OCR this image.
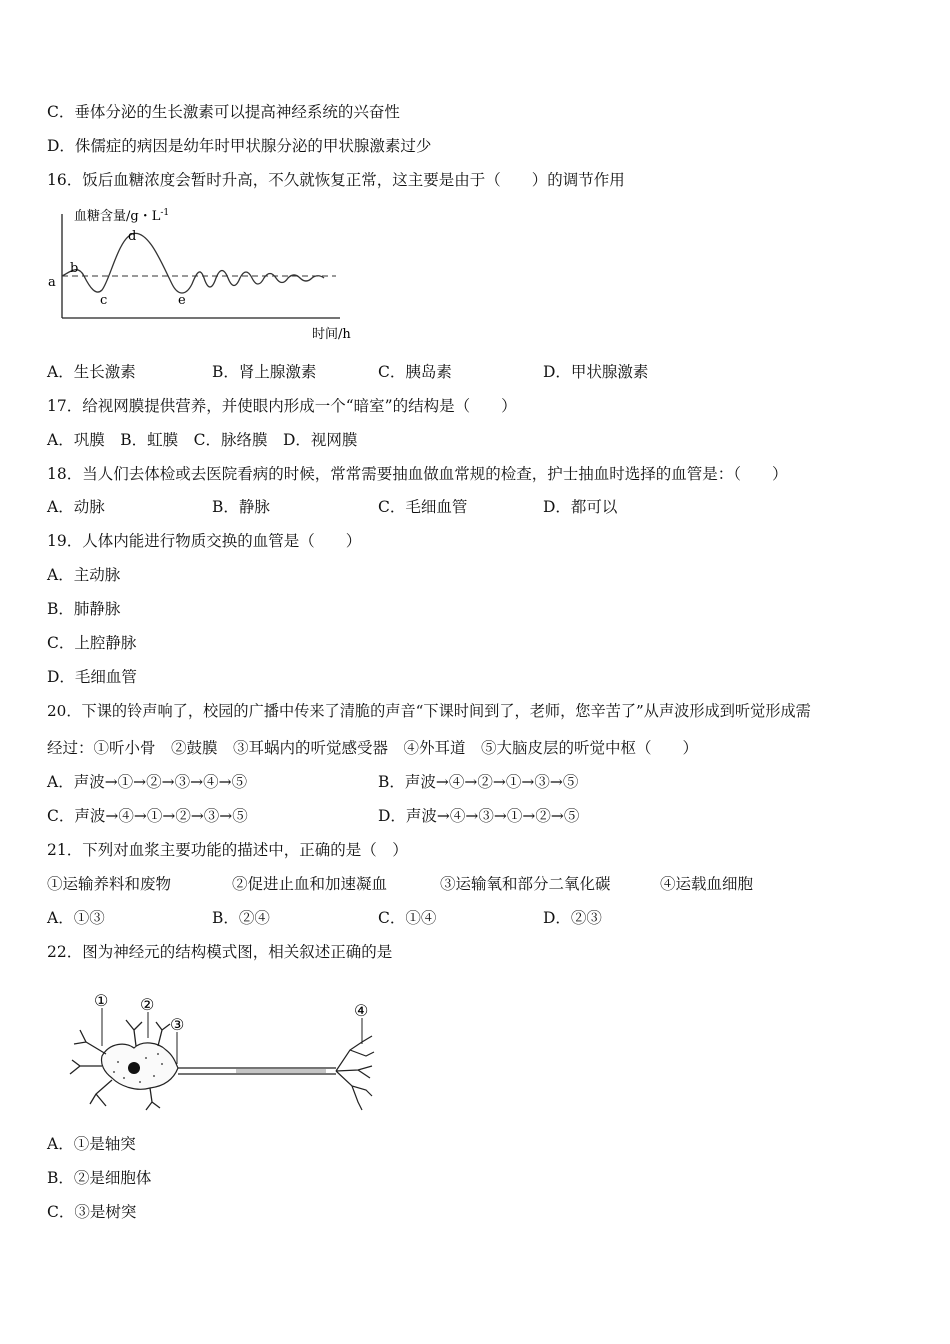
C．垂体分泌的生长激素可以提高神经系统的兴奋性
D．侏儒症的病因是幼年时甲状腺分泌的甲状腺激素过少
16．饭后血糖浓度会暂时升高，不久就恢复正常，这主要是由于（　　）的调节作用
a
b
c
d
e
血糖含量/g・$L^{-1}$
时间/h
A．生长激素	B．肾上腺激素	C．胰岛素	D．甲状腺激素
17．给视网膜提供营养，并使眼内形成一个“暗室”的结构是（　　）
A．巩膜　B．虹膜　C．脉络膜　D．视网膜
18．当人们去体检或去医院看病的时候，常常需要抽血做血常规的检查，护士抽血时选择的血管是：（　　）
A．动脉	B．静脉	C．毛细血管	D．都可以
19．人体内能进行物质交换的血管是（　　）
A．主动脉
B．肺静脉
C．上腔静脉
D．毛细血管
20．下课的铃声响了，校园的广播中传来了清脆的声音“下课时间到了，老师，您辛苦了”从声波形成到听觉形成需
经过：①听小骨　②鼓膜　③耳蜗内的听觉感受器　④外耳道　⑤大脑皮层的听觉中枢（　　）
A．声波→①→②→③→④→⑤	B．声波→④→②→①→③→⑤
C．声波→④→①→②→③→⑤	D．声波→④→③→①→②→⑤
21．下列对血浆主要功能的描述中，正确的是（　）
①运输养料和废物	②促进止血和加速凝血	③运输氧和部分二氧化碳	④运载血细胞
A．①③	B．②④	C．①④	D．②③
22．图为神经元的结构模式图，相关叙述正确的是
① ②
③
④
A．①是轴突
B．②是细胞体
C．③是树突
